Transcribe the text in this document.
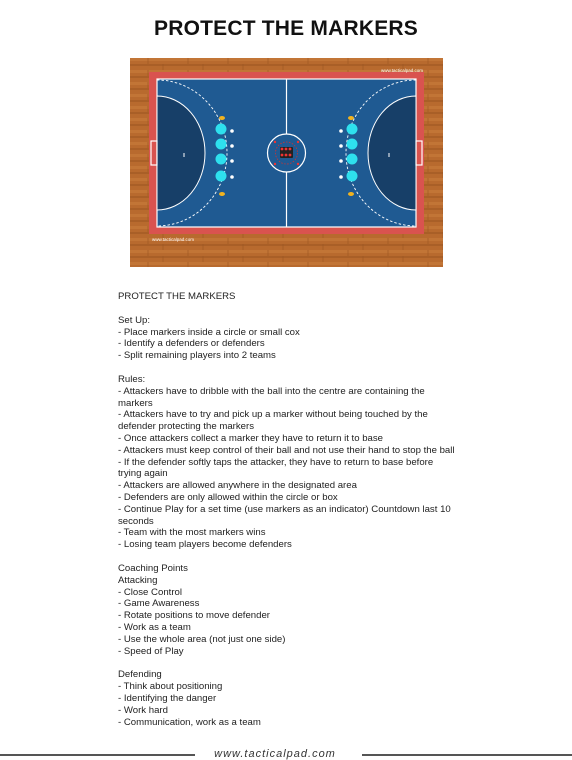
PROTECT THE MARKERS
www.tacticalpad.com
www.tacticalpad.com
PROTECT THE MARKERS
Set Up:
- Place markers inside a circle or small cox
- Identify a defenders or defenders
- Split remaining players into 2 teams
Rules:
- Attackers have to dribble with the ball into the centre are containing the markers
- Attackers have to try and pick up a marker without being touched by the defender protecting the markers
- Once attackers collect a marker they have to return it to base
- Attackers must keep control of their ball and not use their hand to stop the ball
- If the defender softly taps the attacker, they have to return to base before trying again
- Attackers are allowed anywhere in the designated area
- Defenders are only allowed within the circle or box
- Continue Play for a set time (use markers as an indicator) Countdown last 10 seconds
- Team with the most markers wins
- Losing team players become defenders
Coaching Points
Attacking
- Close Control
- Game Awareness
- Rotate positions to move defender
- Work as a team
- Use the whole area (not just one side)
- Speed of Play
Defending
- Think about positioning
- Identifying the danger
- Work hard
- Communication, work as a team
www.tacticalpad.com
